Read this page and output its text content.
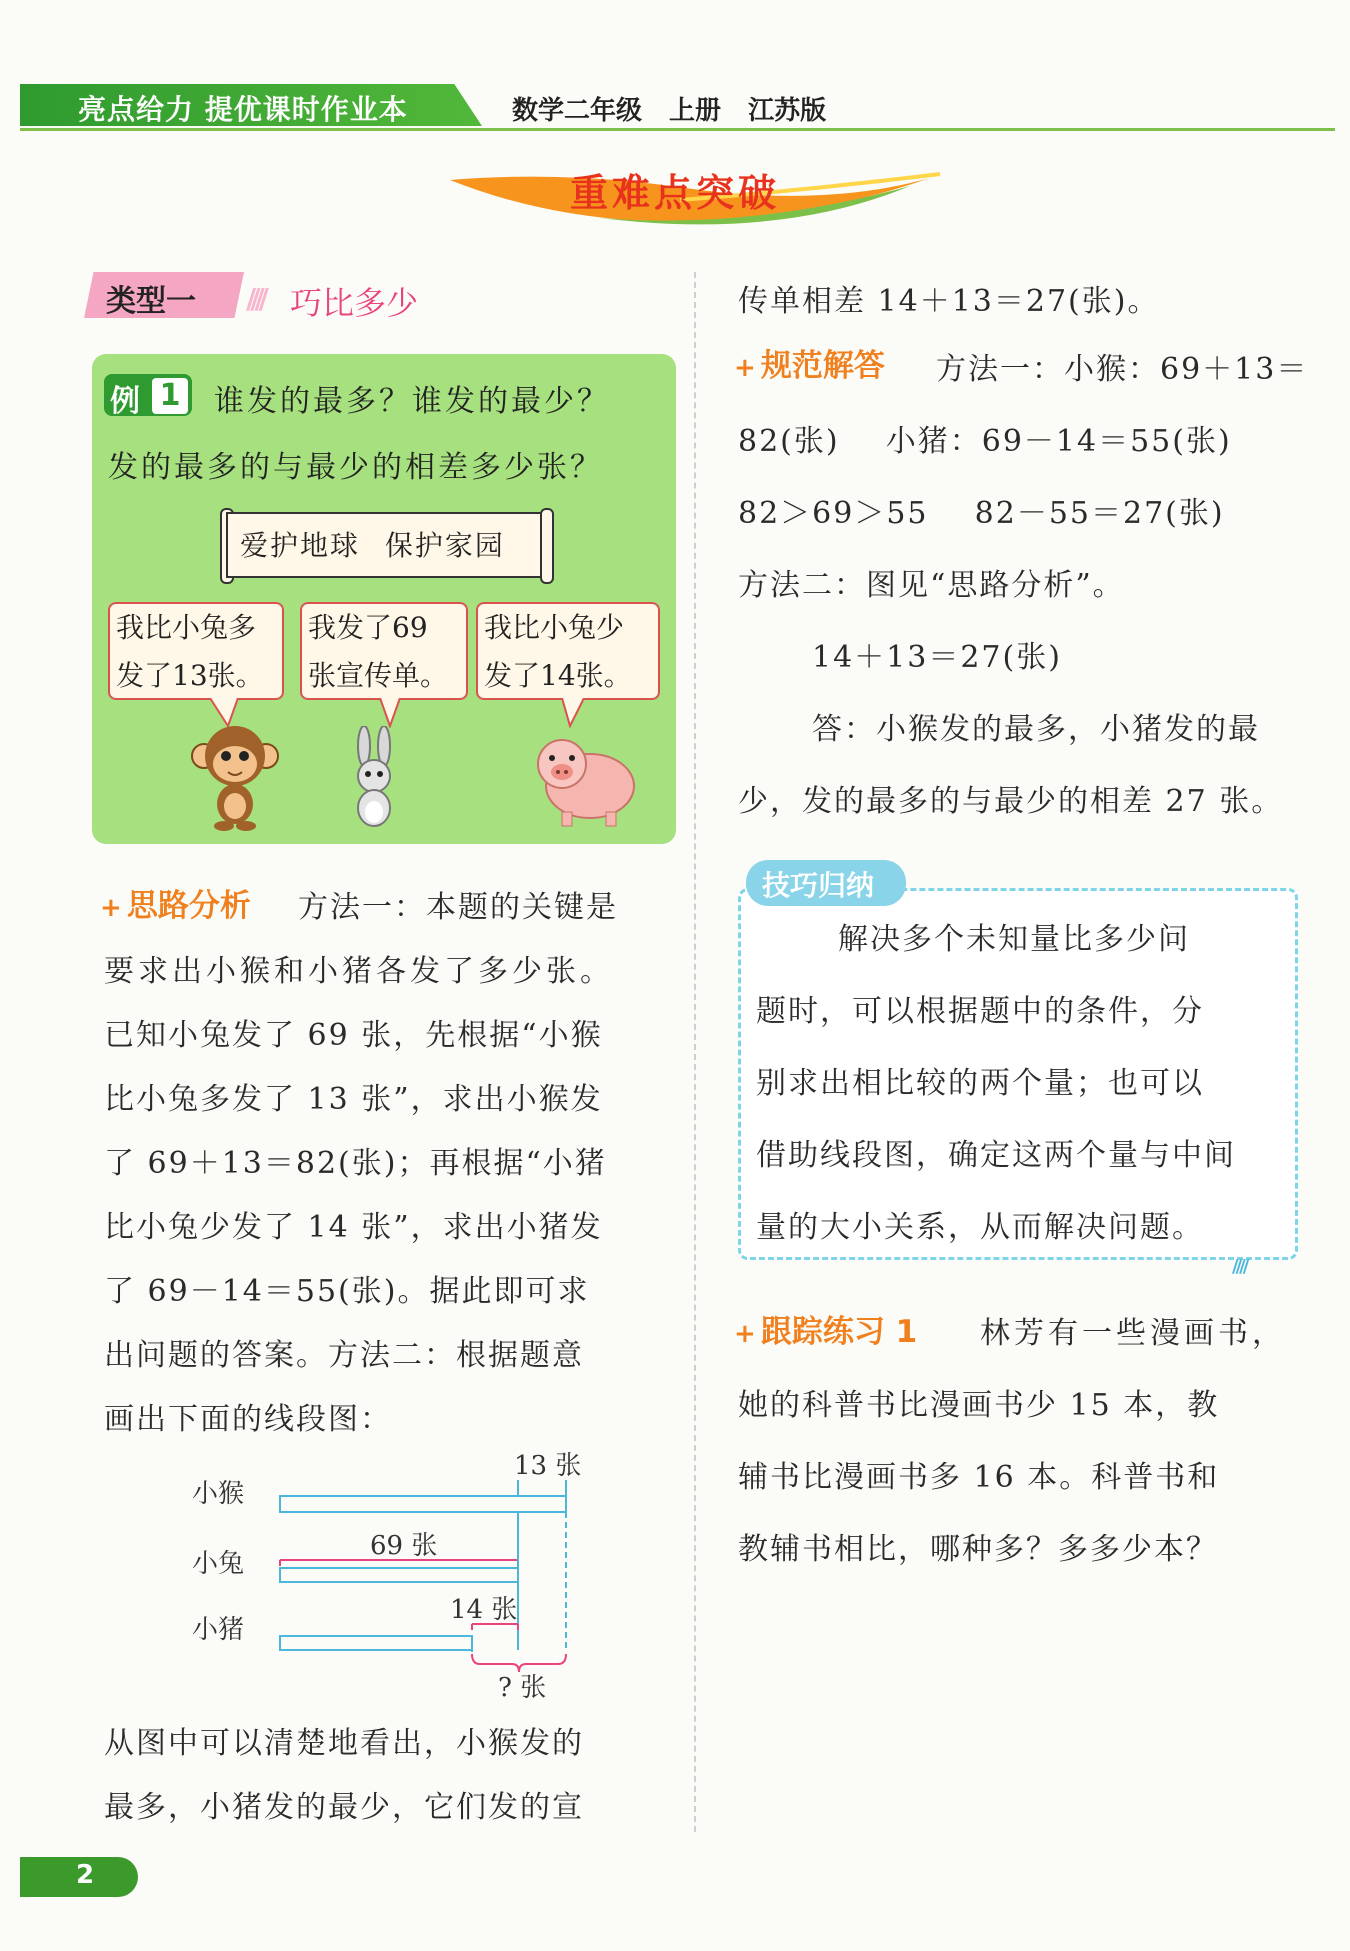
亮点给力 提优课时作业本	数学二年级 上册 江苏版
重难点突破
类型一 //// 巧比多少
例 1 谁发的最多？谁发的最少？
发的最多的与最少的相差多少张？
爱护地球 保护家园
我比小兔多
发了13张。
我发了69
张宣传单。
我比小兔少
发了14张。
+ 思路分析 方法一：本题的关键是
要求出小猴和小猪各发了多少张。
已知小兔发了 69 张，先根据“小猴
比小兔多发了 13 张”，求出小猴发
了 69＋13＝82(张)；再根据“小猪
比小兔少发了 14 张”，求出小猪发
了 69－14＝55(张)。据此即可求
出问题的答案。方法二：根据题意
画出下面的线段图：
小猴
小兔
小猪
13 张
69 张
14 张
? 张
从图中可以清楚地看出，小猴发的
最多，小猪发的最少，它们发的宣
传单相差 14＋13＝27(张)。
+ 规范解答 方法一：小猴：69＋13＝
82(张)    小猪：69－14＝55(张)
82＞69＞55    82－55＝27(张)
方法二：图见“思路分析”。
14＋13＝27(张)
答：小猴发的最多，小猪发的最
少，发的最多的与最少的相差 27 张。
技巧归纳
解决多个未知量比多少问
题时，可以根据题中的条件，分
别求出相比较的两个量；也可以
借助线段图，确定这两个量与中间
量的大小关系，从而解决问题。
////
+ 跟踪练习 1 林芳有一些漫画书，
她的科普书比漫画书少 15 本，教
辅书比漫画书多 16 本。科普书和
教辅书相比，哪种多？多多少本？
2
